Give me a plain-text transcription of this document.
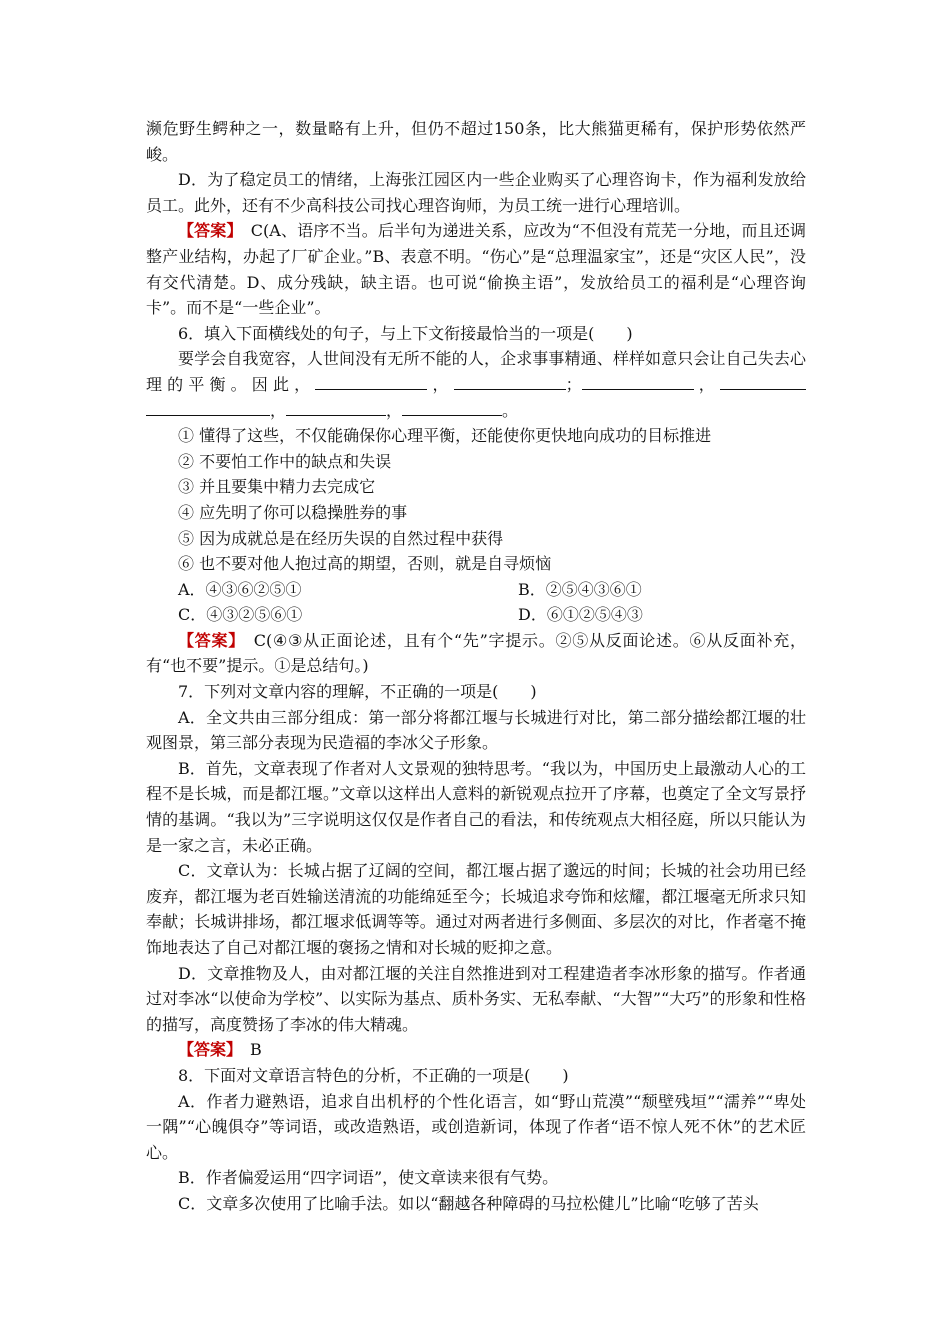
濒危野生鳄种之一，数量略有上升，但仍不超过150条，比大熊猫更稀有，保护形势依然严峻。

D．为了稳定员工的情绪，上海张江园区内一些企业购买了心理咨询卡，作为福利发放给员工。此外，还有不少高科技公司找心理咨询师，为员工统一进行心理培训。

【答案】　C(A、语序不当。后半句为递进关系，应改为“不但没有荒芜一分地，而且还调整产业结构，办起了厂矿企业。”B、表意不明。“伤心”是“总理温家宝”，还是“灾区人民”，没有交代清楚。D、成分残缺，缺主语。也可说“偷换主语”，发放给员工的福利是“心理咨询卡”。而不是“一些企业”。

6．填入下面横线处的句子，与上下文衔接最恰当的一项是(　　)

要学会自我宽容，人世间没有无所不能的人，企求事事精通、样样如意只会让自己失去心理的平衡。因此，	，	；	，，	，	。

① 懂得了这些，不仅能确保你心理平衡，还能使你更快地向成功的目标推进

② 不要怕工作中的缺点和失误

③ 并且要集中精力去完成它

④ 应先明了你可以稳操胜券的事

⑤ 因为成就总是在经历失误的自然过程中获得

⑥ 也不要对他人抱过高的期望，否则，就是自寻烦恼

A．④③⑥②⑤①	B．②⑤④③⑥①
C．④③②⑤⑥①	D．⑥①②⑤④③

【答案】　C(④③从正面论述，且有个“先”字提示。②⑤从反面论述。⑥从反面补充，有“也不要”提示。①是总结句。)

7．下列对文章内容的理解，不正确的一项是(　　)

A．全文共由三部分组成：第一部分将都江堰与长城进行对比，第二部分描绘都江堰的壮观图景，第三部分表现为民造福的李冰父子形象。

B．首先，文章表现了作者对人文景观的独特思考。“我以为，中国历史上最激动人心的工程不是长城，而是都江堰。”文章以这样出人意料的新锐观点拉开了序幕，也奠定了全文写景抒情的基调。“我以为”三字说明这仅仅是作者自己的看法，和传统观点大相径庭，所以只能认为是一家之言，未必正确。

C．文章认为：长城占据了辽阔的空间，都江堰占据了邈远的时间；长城的社会功用已经废弃，都江堰为老百姓输送清流的功能绵延至今；长城追求夸饰和炫耀，都江堰毫无所求只知奉献；长城讲排场，都江堰求低调等等。通过对两者进行多侧面、多层次的对比，作者毫不掩饰地表达了自己对都江堰的褒扬之情和对长城的贬抑之意。

D．文章推物及人，由对都江堰的关注自然推进到对工程建造者李冰形象的描写。作者通过对李冰“以使命为学校”、以实际为基点、质朴务实、无私奉献、“大智”“大巧”的形象和性格的描写，高度赞扬了李冰的伟大精魂。

【答案】　B

8．下面对文章语言特色的分析，不正确的一项是(　　)

A．作者力避熟语，追求自出机杼的个性化语言，如“野山荒漠”“颓壁残垣”“濡养”“卑处一隅”“心魄俱夺”等词语，或改造熟语，或创造新词，体现了作者“语不惊人死不休”的艺术匠心。

B．作者偏爱运用“四字词语”，使文章读来很有气势。

C．文章多次使用了比喻手法。如以“翻越各种障碍的马拉松健儿”比喻“吃够了苦头
